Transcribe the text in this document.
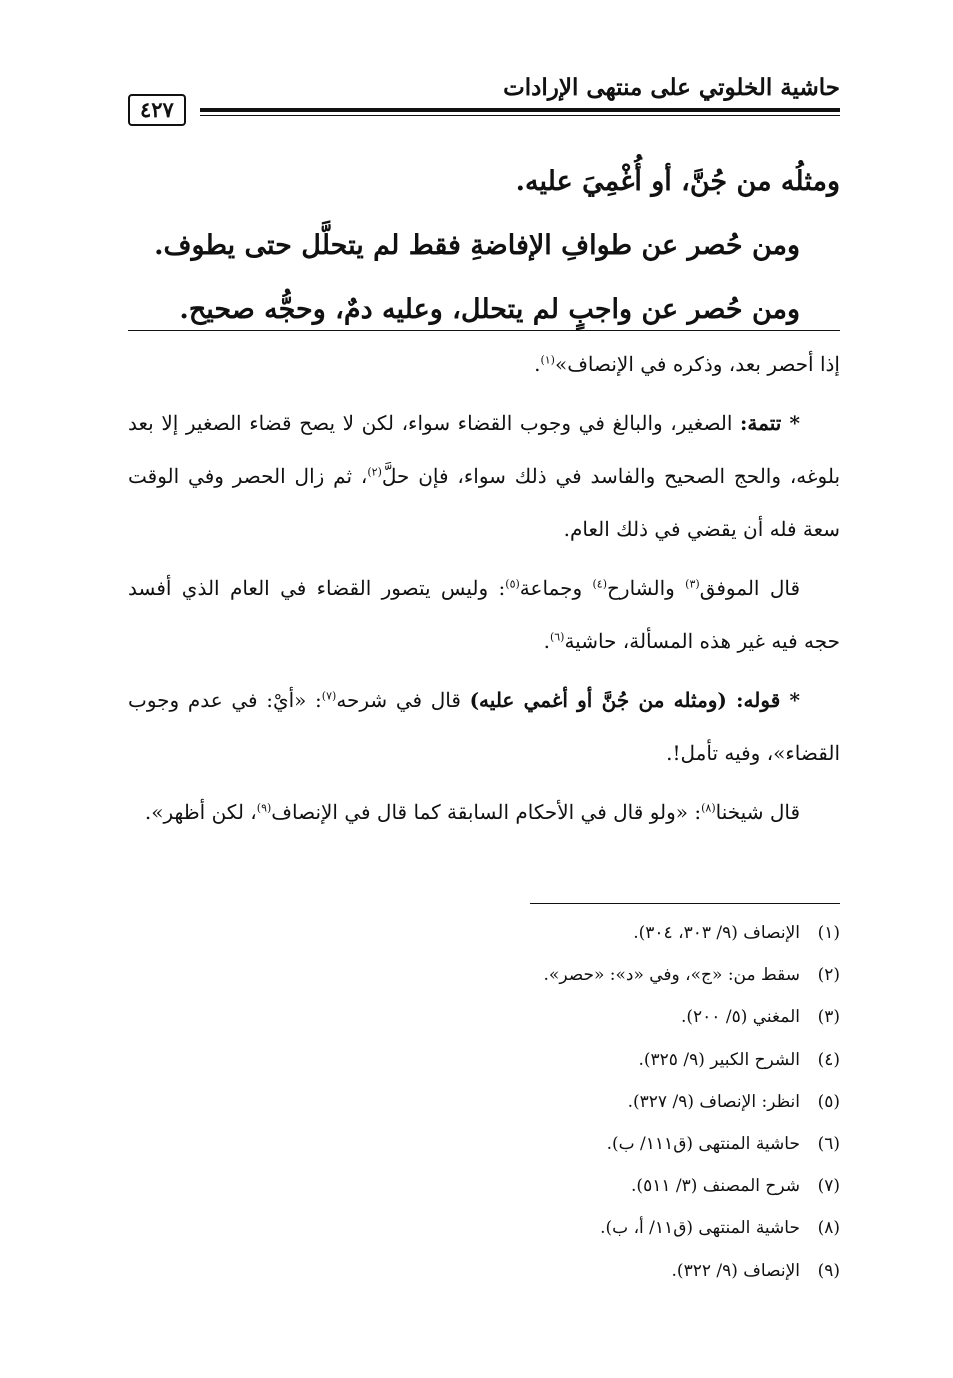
حاشية الخلوتي على منتهى الإرادات
٤٢٧

ومثلُه من جُنَّ، أو أُغْمِيَ عليه.

ومن حُصر عن طوافِ الإفاضةِ فقط لم يتحلَّل حتى يطوف.

ومن حُصر عن واجبٍ لم يتحلل، وعليه دمٌ، وحجُّه صحيح.

إذا أحصر بعد، وذكره في الإنصاف»$^{(١)}$.

* تتمة: الصغير، والبالغ في وجوب القضاء سواء، لكن لا يصح قضاء الصغير إلا بعد بلوغه، والحج الصحيح والفاسد في ذلك سواء، فإن حلَّ$^{(٢)}$، ثم زال الحصر وفي الوقت سعة فله أن يقضي في ذلك العام.

قال الموفق$^{(٣)}$ والشارح$^{(٤)}$ وجماعة$^{(٥)}$: وليس يتصور القضاء في العام الذي أفسد حجه فيه غير هذه المسألة، حاشية$^{(٦)}$.

* قوله: (ومثله من جُنَّ أو أغمي عليه) قال في شرحه$^{(٧)}$: «أيْ: في عدم وجوب القضاء»، وفيه تأمل!.

قال شيخنا$^{(٨)}$: «ولو قال في الأحكام السابقة كما قال في الإنصاف$^{(٩)}$، لكن أظهر».

(١)
الإنصاف (٩/ ٣٠٣، ٣٠٤).
(٢)
سقط من: «ج»، وفي «د»: «حصر».
(٣)
المغني (٥/ ٢٠٠).
(٤)
الشرح الكبير (٩/ ٣٢٥).
(٥)
انظر: الإنصاف (٩/ ٣٢٧).
(٦)
حاشية المنتهى (ق١١١/ ب).
(٧)
شرح المصنف (٣/ ٥١١).
(٨)
حاشية المنتهى (ق١١/ أ، ب).
(٩)
الإنصاف (٩/ ٣٢٢).
